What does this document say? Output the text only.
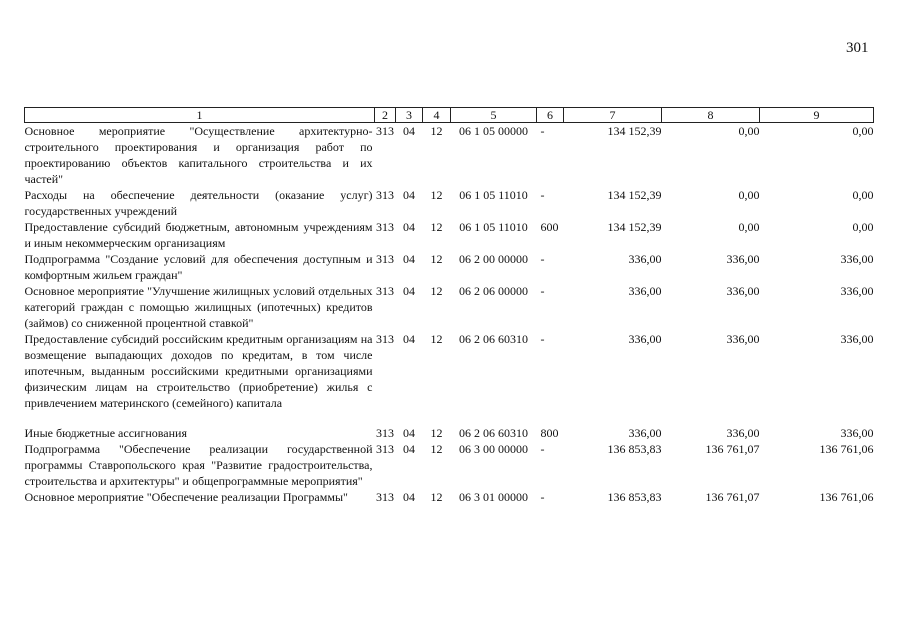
301
1	2	3	4	5	6	7	8	9
Основное мероприятие "Осуществление архитектурно-строительного проектирования и организация работ по проектированию объектов капитального строительства и их частей"	313	04	12	06 1 05 00000	-	134 152,39	0,00	0,00
Расходы на обеспечение деятельности (оказание услуг) государственных учреждений	313	04	12	06 1 05 11010	-	134 152,39	0,00	0,00
Предоставление субсидий бюджетным, автономным учреждениям и иным некоммерческим организациям	313	04	12	06 1 05 11010	600	134 152,39	0,00	0,00
Подпрограмма "Создание условий для обеспечения доступным и комфортным жильем граждан"	313	04	12	06 2 00 00000	-	336,00	336,00	336,00
Основное мероприятие "Улучшение жилищных условий отдельных категорий граждан с помощью жилищных (ипотечных) кредитов (займов) со сниженной процентной ставкой"	313	04	12	06 2 06 00000	-	336,00	336,00	336,00
Предоставление субсидий российским кредитным организациям на возмещение выпадающих доходов по кредитам, в том числе ипотечным, выданным российскими кредитными организациями физическим лицам на строительство (приобретение) жилья с привлечением материнского (семейного) капитала	313	04	12	06 2 06 60310	-	336,00	336,00	336,00
Иные бюджетные ассигнования	313	04	12	06 2 06 60310	800	336,00	336,00	336,00
Подпрограмма "Обеспечение реализации государственной программы Ставропольского края "Развитие градостроительства, строительства и архитектуры" и общепрограммные мероприятия"	313	04	12	06 3 00 00000	-	136 853,83	136 761,07	136 761,06
Основное мероприятие "Обеспечение реализации Программы"	313	04	12	06 3 01 00000	-	136 853,83	136 761,07	136 761,06
